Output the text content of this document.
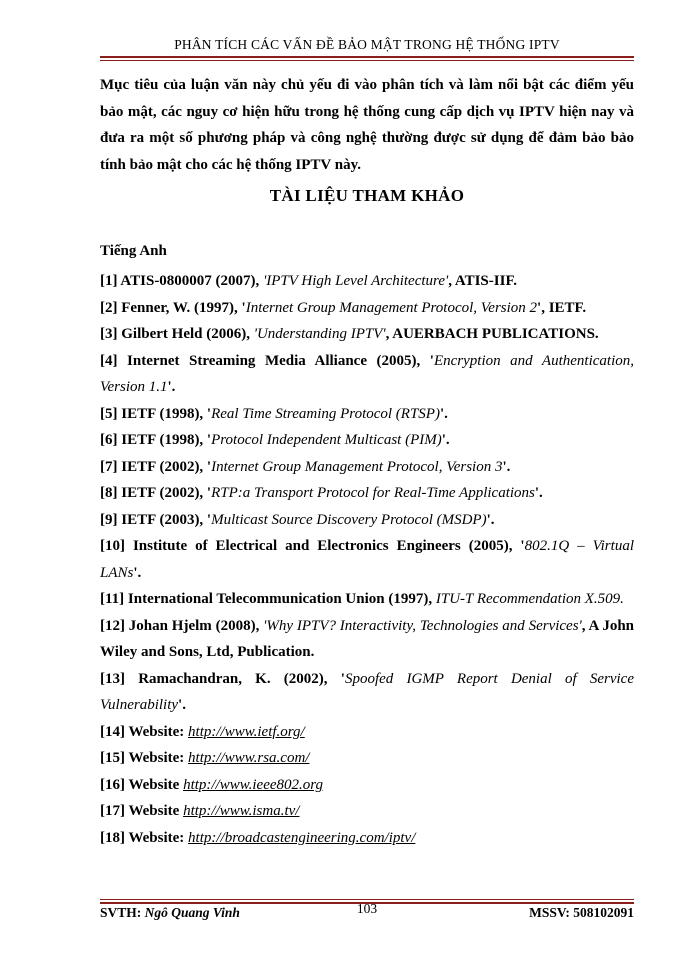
PHÂN TÍCH CÁC VẤN ĐỀ BẢO MẬT TRONG HỆ THỐNG IPTV

Mục tiêu của luận văn này chủ yếu đi vào phân tích và làm nổi bật các điểm yếu bảo mật, các nguy cơ hiện hữu trong hệ thống cung cấp dịch vụ IPTV hiện nay và đưa ra một số phương pháp và công nghệ thường được sử dụng để đảm bảo bảo tính bảo mật cho các hệ thống IPTV này.

TÀI LIỆU THAM KHẢO
Tiếng Anh
[1] ATIS-0800007 (2007), 'IPTV High Level Architecture', ATIS-IIF.
[2] Fenner, W. (1997), 'Internet Group Management Protocol, Version 2', IETF.
[3] Gilbert Held (2006), 'Understanding IPTV', AUERBACH PUBLICATIONS.
[4] Internet Streaming Media Alliance (2005), 'Encryption and Authentication, Version 1.1'.
[5] IETF (1998), 'Real Time Streaming Protocol (RTSP)'.
[6] IETF (1998), 'Protocol Independent Multicast (PIM)'.
[7] IETF (2002), 'Internet Group Management Protocol, Version 3'.
[8] IETF (2002), 'RTP:a Transport Protocol for Real-Time Applications'.
[9] IETF (2003), 'Multicast Source Discovery Protocol (MSDP)'.
[10] Institute of Electrical and Electronics Engineers (2005), '802.1Q – Virtual LANs'.
[11] International Telecommunication Union (1997), ITU-T Recommendation X.509.
[12] Johan Hjelm (2008), 'Why IPTV? Interactivity, Technologies and Services', A John Wiley and Sons, Ltd, Publication.
[13] Ramachandran, K. (2002), 'Spoofed IGMP Report Denial of Service Vulnerability'.
[14] Website: http://www.ietf.org/
[15] Website: http://www.rsa.com/
[16] Website http://www.ieee802.org
[17] Website http://www.isma.tv/
[18] Website: http://broadcastengineering.com/iptv/
SVTH: Ngô Quang Vinh	103	MSSV: 508102091
